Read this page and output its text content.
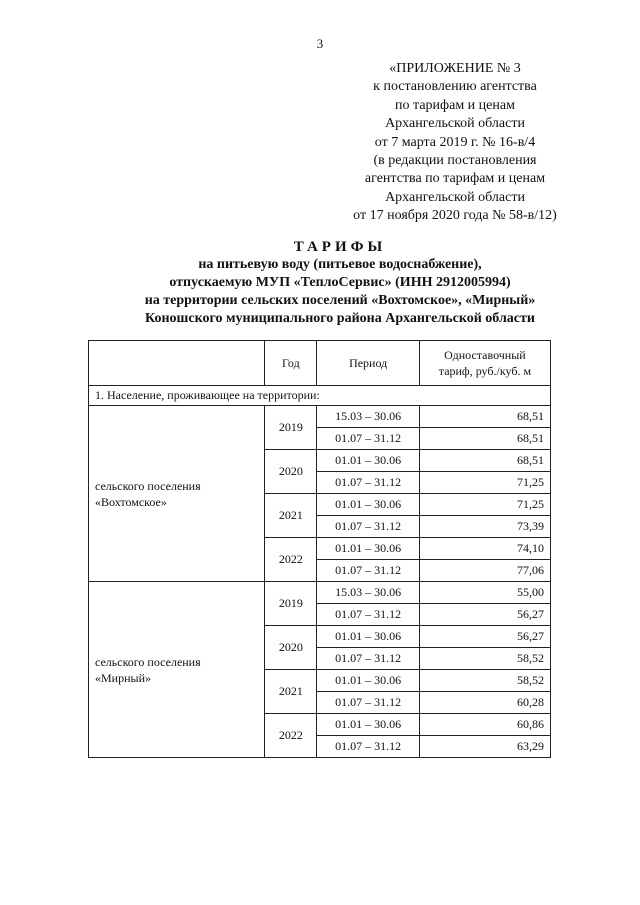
3
«ПРИЛОЖЕНИЕ № 3
к постановлению агентства
по тарифам и ценам
Архангельской области
от 7 марта 2019 г. № 16-в/4
(в редакции постановления
агентства по тарифам и ценам
Архангельской области
от 17 ноября 2020 года № 58-в/12)
ТАРИФЫ
на питьевую воду (питьевое водоснабжение),
отпускаемую МУП «ТеплоСервис» (ИНН 2912005994)
на территории сельских поселений «Вохтомское», «Мирный»
Коношского муниципального района Архангельской области
	Год	Период	Одноставочный тариф, руб./куб. м
1. Население, проживающее на территории:			
сельского поселения «Вохтомское»	2019	15.03 – 30.06	68,51
		01.07 – 31.12	68,51
	2020	01.01 – 30.06	68,51
		01.07 – 31.12	71,25
	2021	01.01 – 30.06	71,25
		01.07 – 31.12	73,39
	2022	01.01 – 30.06	74,10
		01.07 – 31.12	77,06
сельского поселения «Мирный»	2019	15.03 – 30.06	55,00
		01.07 – 31.12	56,27
	2020	01.01 – 30.06	56,27
		01.07 – 31.12	58,52
	2021	01.01 – 30.06	58,52
		01.07 – 31.12	60,28
	2022	01.01 – 30.06	60,86
		01.07 – 31.12	63,29
